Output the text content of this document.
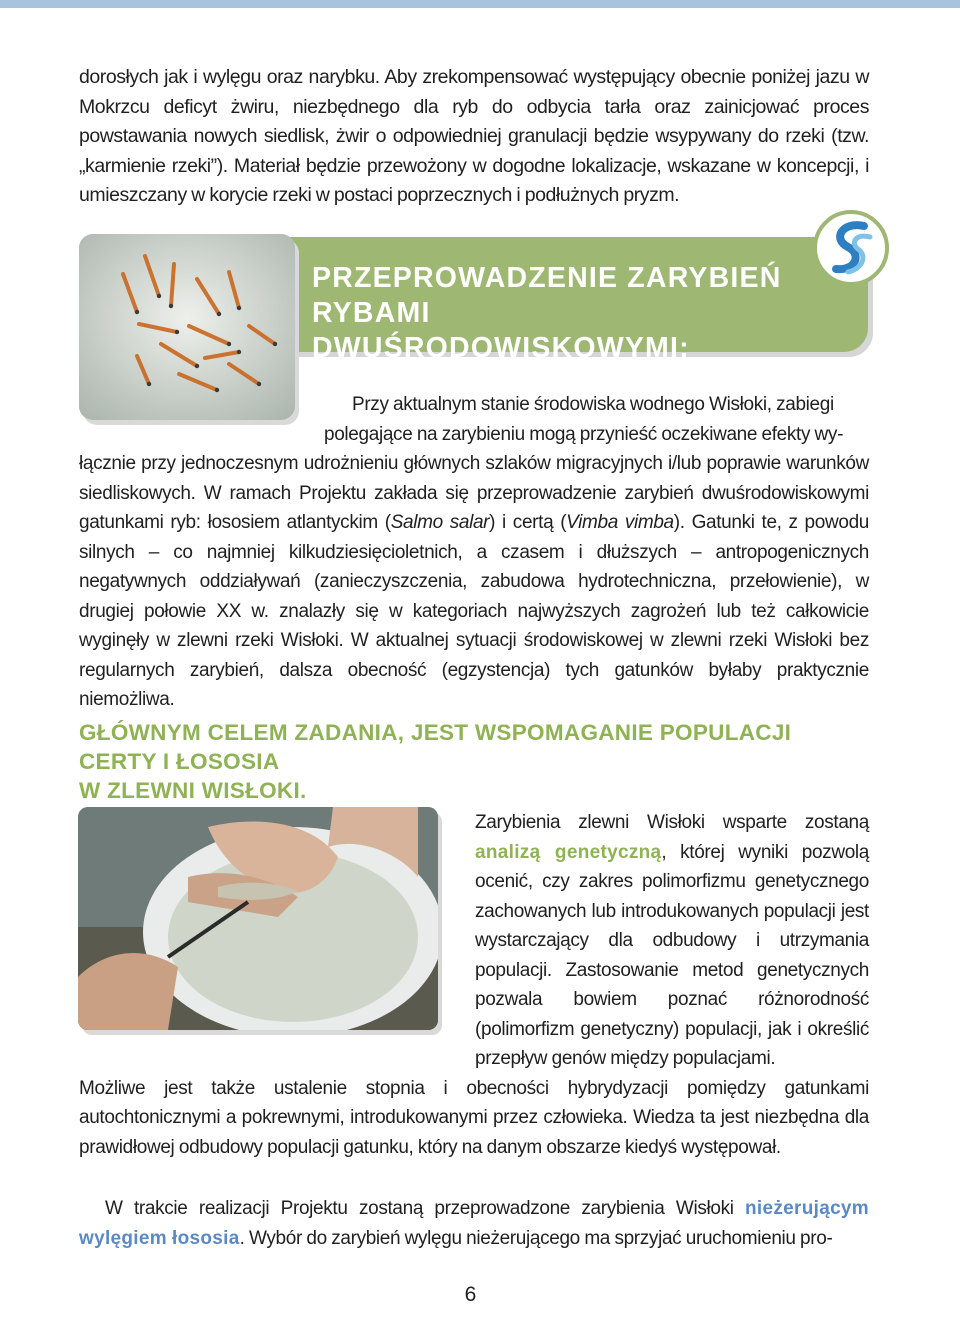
dorosłych jak i wylęgu oraz narybku. Aby zrekompensować występujący obecnie poniżej jazu w Mokrzcu deficyt żwiru, niezbędnego dla ryb do odbycia tarła oraz zainicjować proces powstawania nowych siedlisk, żwir o odpowiedniej granulacji będzie wsypywany do rzeki (tzw. „karmienie rzeki”). Materiał będzie przewożony w dogodne lokalizacje, wskazane w koncepcji, i umieszczany w korycie rzeki w postaci poprzecznych i podłużnych pryzm.

PRZEPROWADZENIE ZARYBIEŃ RYBAMI
DWUŚRODOWISKOWYMI: ŁOSOSIEM I CERTĄ

Przy aktualnym stanie środowiska wodnego Wisłoki, zabiegi
polegające na zarybieniu mogą przynieść oczekiwane efekty wy-
łącznie przy jednoczesnym udrożnieniu głównych szlaków migracyjnych i/lub poprawie warunków siedliskowych. W ramach Projektu zakłada się przeprowadzenie zarybień dwuśrodowiskowymi gatunkami ryb: łososiem atlantyckim (Salmo salar) i certą (Vimba vimba). Gatunki te, z powodu silnych – co najmniej kilkudziesięcioletnich, a czasem i dłuższych – antropogenicznych negatywnych oddziaływań (zanieczyszczenia, zabudowa hydrotechniczna, przełowienie), w drugiej połowie XX w. znalazły się w kategoriach najwyższych zagrożeń lub też całkowicie wyginęły w zlewni rzeki Wisłoki. W aktualnej sytuacji środowiskowej w zlewni rzeki Wisłoki bez regularnych zarybień, dalsza obecność (egzystencja) tych gatunków byłaby praktycznie niemożliwa.

GŁÓWNYM CELEM ZADANIA, JEST WSPOMAGANIE POPULACJI CERTY I ŁOSOSIA
W ZLEWNI WISŁOKI.

Zarybienia zlewni Wisłoki wsparte zostaną analizą genetyczną, której wyniki pozwolą ocenić, czy zakres polimorfizmu genetycznego zachowanych lub introdukowanych populacji jest wystarczający dla odbudowy i utrzymania populacji. Zastosowanie metod genetycznych pozwala bowiem poznać różnorodność (polimorfizm genetyczny) populacji, jak i określić przepływ genów między populacjami.
Możliwe jest także ustalenie stopnia i obecności hybrydyzacji pomiędzy gatunkami autochtonicznymi a pokrewnymi, introdukowanymi przez człowieka. Wiedza ta jest niezbędna dla prawidłowej odbudowy populacji gatunku, który na danym obszarze kiedyś występował.

W trakcie realizacji Projektu zostaną przeprowadzone zarybienia Wisłoki nieżerującym wylęgiem łososia. Wybór do zarybień wylęgu nieżerującego ma sprzyjać uruchomieniu pro-

6
